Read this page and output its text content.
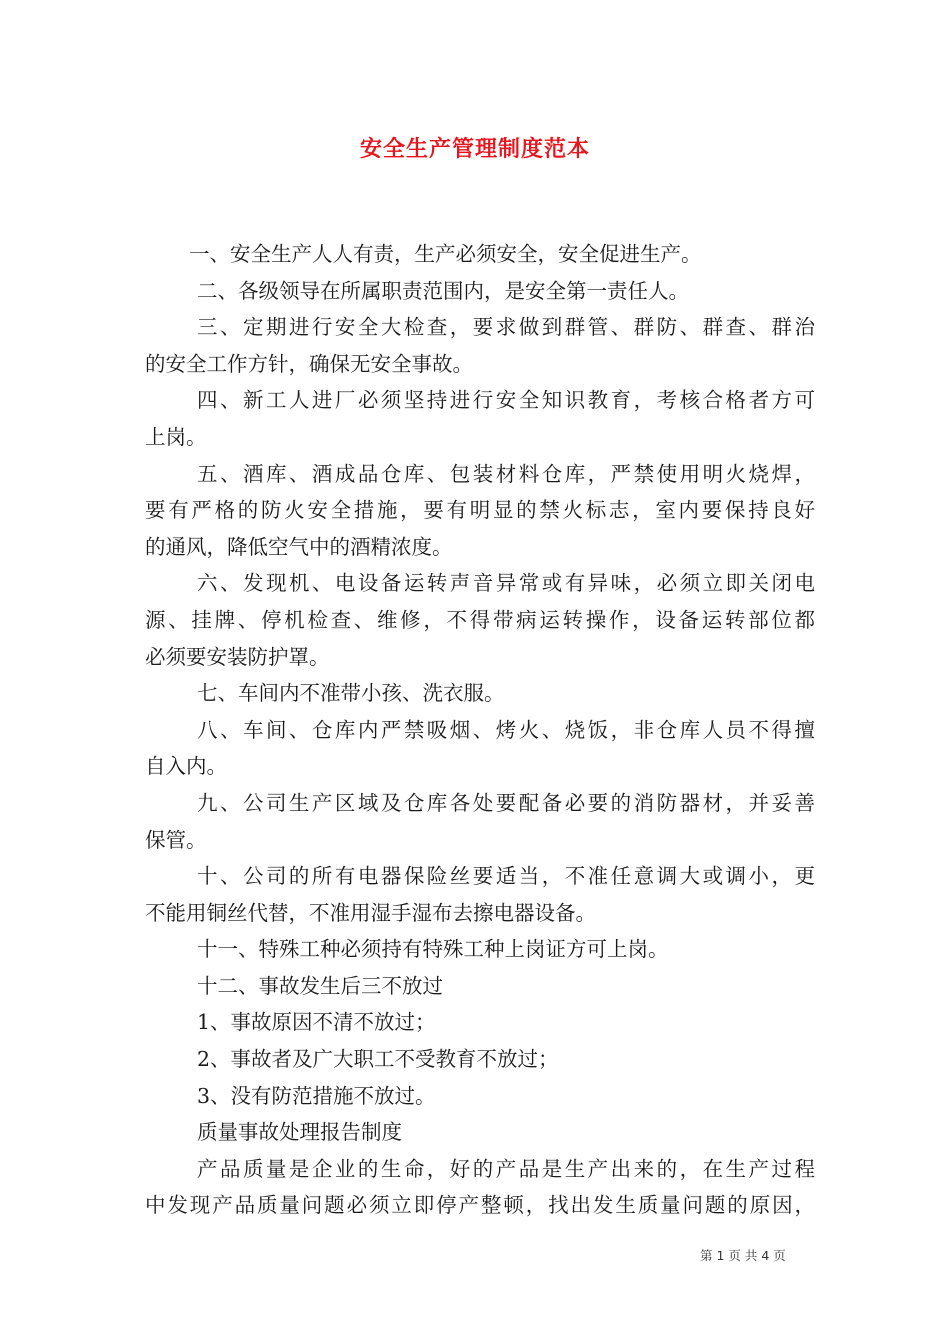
安全生产管理制度范本
一、安全生产人人有责，生产必须安全，安全促进生产。
二、各级领导在所属职责范围内，是安全第一责任人。
三、定期进行安全大检查，要求做到群管、群防、群查、群治
的安全工作方针，确保无安全事故。
四、新工人进厂必须坚持进行安全知识教育，考核合格者方可
上岗。
五、酒库、酒成品仓库、包装材料仓库，严禁使用明火烧焊，
要有严格的防火安全措施，要有明显的禁火标志，室内要保持良好
的通风，降低空气中的酒精浓度。
六、发现机、电设备运转声音异常或有异味，必须立即关闭电
源、挂牌、停机检查、维修，不得带病运转操作，设备运转部位都
必须要安装防护罩。
七、车间内不准带小孩、洗衣服。
八、车间、仓库内严禁吸烟、烤火、烧饭，非仓库人员不得擅
自入内。
九、公司生产区域及仓库各处要配备必要的消防器材，并妥善
保管。
十、公司的所有电器保险丝要适当，不准任意调大或调小，更
不能用铜丝代替，不准用湿手湿布去擦电器设备。
十一、特殊工种必须持有特殊工种上岗证方可上岗。
十二、事故发生后三不放过
1、事故原因不清不放过；
2、事故者及广大职工不受教育不放过；
3、没有防范措施不放过。
质量事故处理报告制度
产品质量是企业的生命，好的产品是生产出来的，在生产过程
中发现产品质量问题必须立即停产整顿，找出发生质量问题的原因，
第 1 页 共 4 页
